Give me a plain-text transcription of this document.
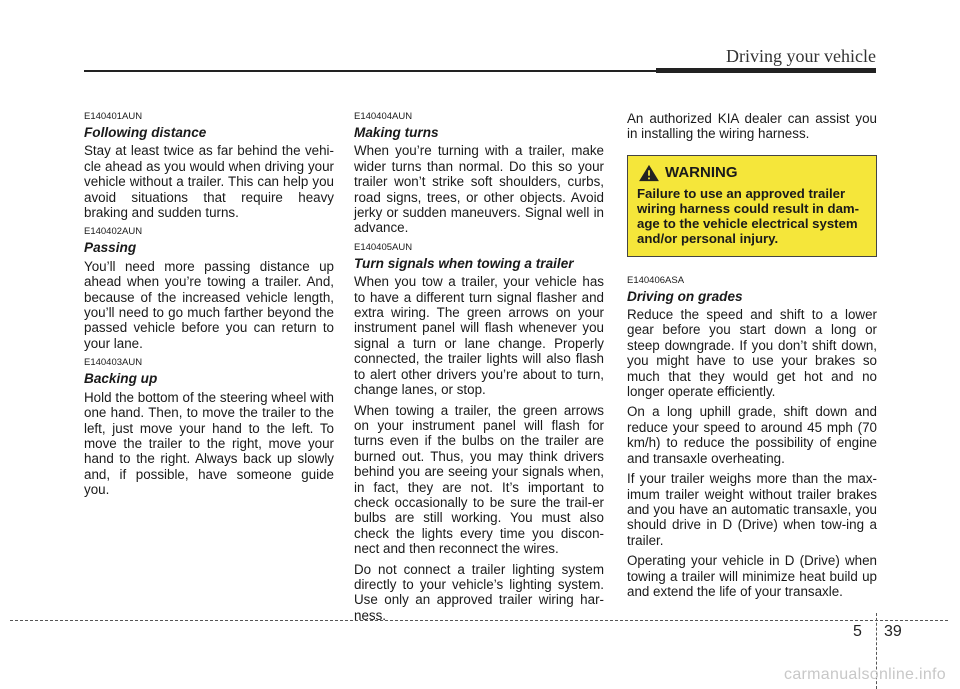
Driving your vehicle
E140401AUN
Following distance

Stay at least twice as far behind the vehi-cle ahead as you would when driving your vehicle without a trailer. This can help you avoid situations that require heavy braking and sudden turns.

E140402AUN
Passing

You’ll need more passing distance up ahead when you’re towing a trailer. And, because of the increased vehicle length, you’ll need to go much farther beyond the passed vehicle before you can return to your lane.

E140403AUN
Backing up

Hold the bottom of the steering wheel with one hand. Then, to move the trailer to the left, just move your hand to the left. To move the trailer to the right, move your hand to the right. Always back up slowly and, if possible, have someone guide you.

E140404AUN
Making turns

When you’re turning with a trailer, make wider turns than normal. Do this so your trailer won’t strike soft shoulders, curbs, road signs, trees, or other objects. Avoid jerky or sudden maneuvers. Signal well in advance.

E140405AUN
Turn signals when towing a trailer

When you tow a trailer, your vehicle has to have a different turn signal flasher and extra wiring. The green arrows on your instrument panel will flash whenever you signal a turn or lane change. Properly connected, the trailer lights will also flash to alert other drivers you’re about to turn, change lanes, or stop.

When towing a trailer, the green arrows on your instrument panel will flash for turns even if the bulbs on the trailer are burned out. Thus, you may think drivers behind you are seeing your signals when, in fact, they are not. It’s important to check occasionally to be sure the trail-er bulbs are still working. You must also check the lights every time you discon-nect and then reconnect the wires.

Do not connect a trailer lighting system directly to your vehicle’s lighting system. Use only an approved trailer wiring har-ness.

An authorized KIA dealer can assist you in installing the wiring harness.

WARNING
Failure to use an approved trailer wiring harness could result in dam-age to the vehicle electrical system and/or personal injury.
E140406ASA
Driving on grades

Reduce the speed and shift to a lower gear before you start down a long or steep downgrade. If you don’t shift down, you might have to use your brakes so much that they would get hot and no longer operate efficiently.

On a long uphill grade, shift down and reduce your speed to around 45 mph (70 km/h) to reduce the possibility of engine and transaxle overheating.

If your trailer weighs more than the max-imum trailer weight without trailer brakes and you have an automatic transaxle, you should drive in D (Drive) when tow-ing a trailer.

Operating your vehicle in D (Drive) when towing a trailer will minimize heat build up and extend the life of your transaxle.

5 39
carmanualsonline.info
